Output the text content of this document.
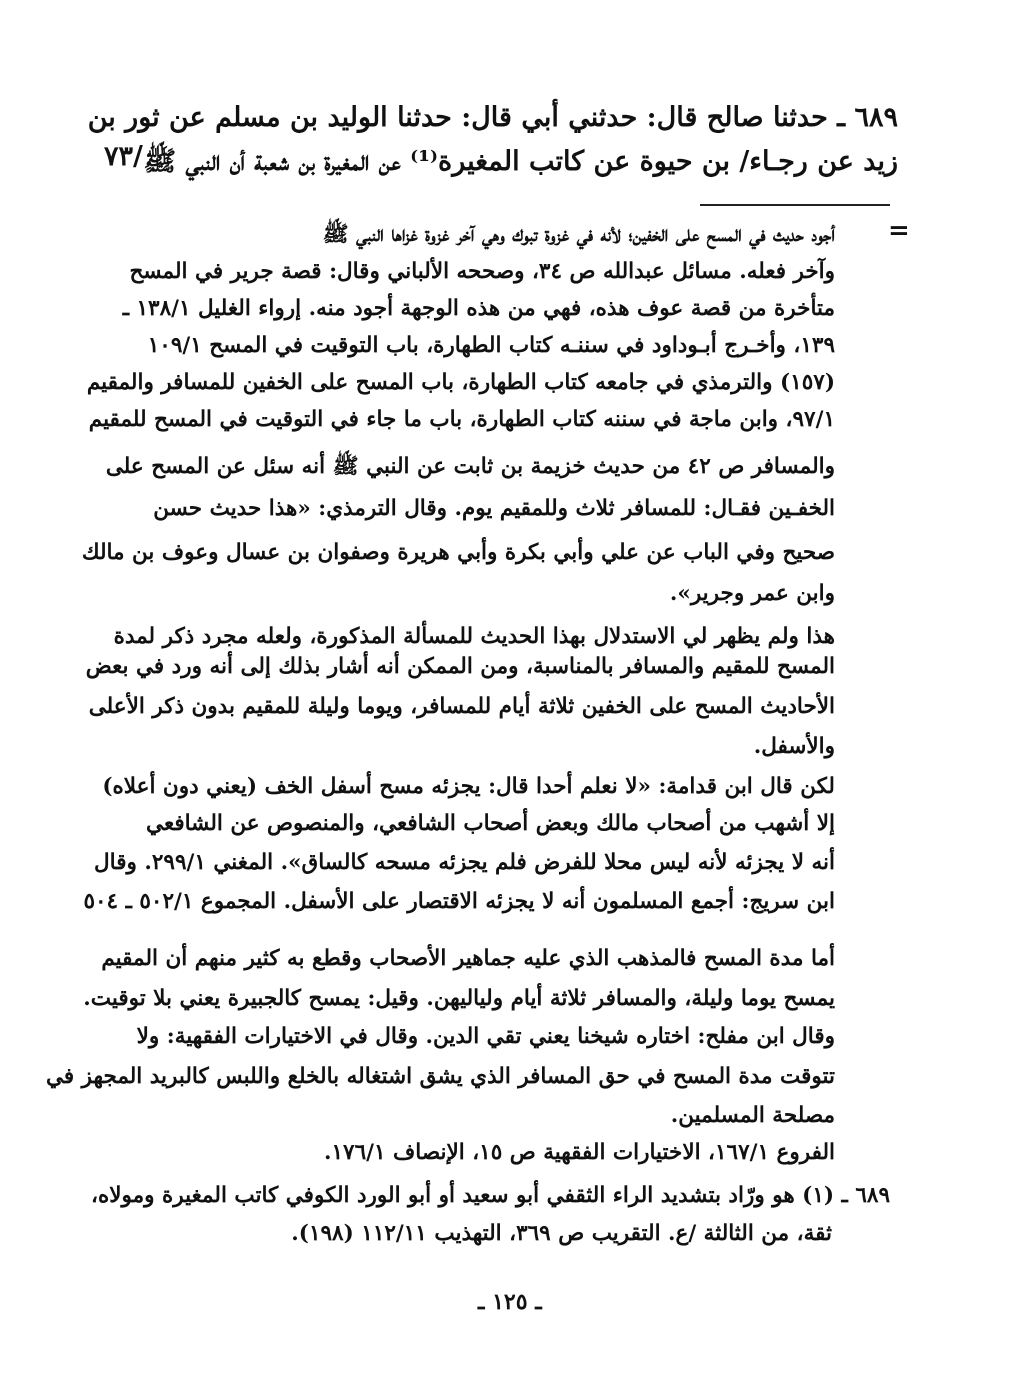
٦٨٩ ـ حدثنا صالح قال: حدثني أبي قال: حدثنا الوليد بن مسلم عن ثور بن
زيد عن رجـاء/ بن حيوة عن كاتب المغيرة⁽¹⁾ عن المغيرة بن شعبة أن النبي ﷺ
/٧٣
=
أجود حديث في المسح على الخفين؛ لأنه في غزوة تبوك وهي آخر غزوة غزاها النبي ﷺ
وآخر فعله. مسائل عبدالله ص ٣٤، وصححه الألباني وقال: قصة جرير في المسح
متأخرة من قصة عوف هذه، فهي من هذه الوجهة أجود منه. إرواء الغليل ١٣٨/١ ـ
١٣٩، وأخـرج أبـوداود في سننـه كتاب الطهارة، باب التوقيت في المسح ١٠٩/١
(١٥٧) والترمذي في جامعه كتاب الطهارة، باب المسح على الخفين للمسافر والمقيم
٩٧/١، وابن ماجة في سننه كتاب الطهارة، باب ما جاء في التوقيت في المسح للمقيم
والمسافر ص ٤٢ من حديث خزيمة بن ثابت عن النبي ﷺ أنه سئل عن المسح على
الخفـين فقـال: للمسافر ثلاث وللمقيم يوم. وقال الترمذي: «هذا حديث حسن
صحيح وفي الباب عن علي وأبي بكرة وأبي هريرة وصفوان بن عسال وعوف بن مالك
وابن عمر وجرير».
هذا ولم يظهر لي الاستدلال بهذا الحديث للمسألة المذكورة، ولعله مجرد ذكر لمدة
المسح للمقيم والمسافر بالمناسبة، ومن الممكن أنه أشار بذلك إلى أنه ورد في بعض
الأحاديث المسح على الخفين ثلاثة أيام للمسافر، ويوما وليلة للمقيم بدون ذكر الأعلى
والأسفل.
لكن قال ابن قدامة: «لا نعلم أحدا قال: يجزئه مسح أسفل الخف (يعني دون أعلاه)
إلا أشهب من أصحاب مالك وبعض أصحاب الشافعي، والمنصوص عن الشافعي
أنه لا يجزئه لأنه ليس محلا للفرض فلم يجزئه مسحه كالساق». المغني ٢٩٩/١. وقال
ابن سريج: أجمع المسلمون أنه لا يجزئه الاقتصار على الأسفل. المجموع ٥٠٢/١ ـ ٥٠٤
أما مدة المسح فالمذهب الذي عليه جماهير الأصحاب وقطع به كثير منهم أن المقيم
يمسح يوما وليلة، والمسافر ثلاثة أيام ولياليهن. وقيل: يمسح كالجبيرة يعني بلا توقيت.
وقال ابن مفلح: اختاره شيخنا يعني تقي الدين. وقال في الاختيارات الفقهية: ولا
تتوقت مدة المسح في حق المسافر الذي يشق اشتغاله بالخلع واللبس كالبريد المجهز في
مصلحة المسلمين.
الفروع ١٦٧/١، الاختيارات الفقهية ص ١٥، الإنصاف ١٧٦/١.
٦٨٩ ـ (١) هو ورّاد بتشديد الراء الثقفي أبو سعيد أو أبو الورد الكوفي كاتب المغيرة ومولاه،
ثقة، من الثالثة /ع. التقريب ص ٣٦٩، التهذيب ١١٢/١١ (١٩٨).
ـ ١٢٥ ـ
